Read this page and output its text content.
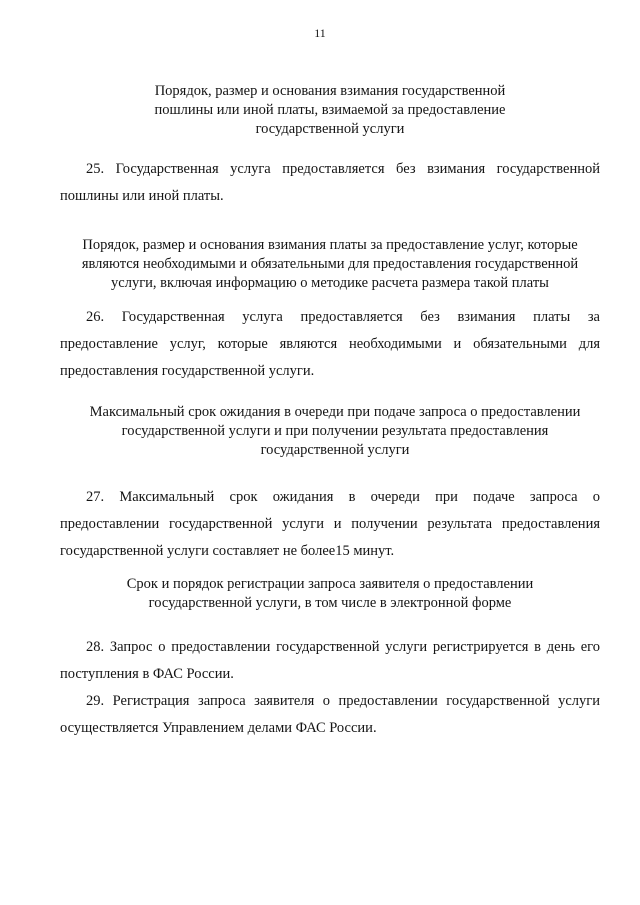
11
Порядок, размер и основания взимания государственной
пошлины или иной платы, взимаемой за предоставление
государственной услуги
25. Государственная услуга предоставляется без взимания государственной
пошлины или иной платы.
Порядок, размер и основания взимания платы за предоставление услуг, которые
являются необходимыми и обязательными для предоставления государственной
услуги, включая информацию о методике расчета размера такой платы
26. Государственная услуга предоставляется без взимания платы за
предоставление услуг, которые являются необходимыми и обязательными для
предоставления государственной услуги.
Максимальный срок ожидания в очереди при подаче запроса о предоставлении
государственной услуги и при получении результата предоставления
государственной услуги
27. Максимальный срок ожидания в очереди при подаче запроса о
предоставлении государственной услуги и получении результата предоставления
государственной услуги составляет не более15 минут.
Срок и порядок регистрации запроса заявителя о предоставлении
государственной услуги, в том числе в электронной форме
28. Запрос о предоставлении государственной услуги регистрируется в день его
поступления в ФАС России.
29. Регистрация запроса заявителя о предоставлении государственной услуги
осуществляется Управлением делами ФАС России.
